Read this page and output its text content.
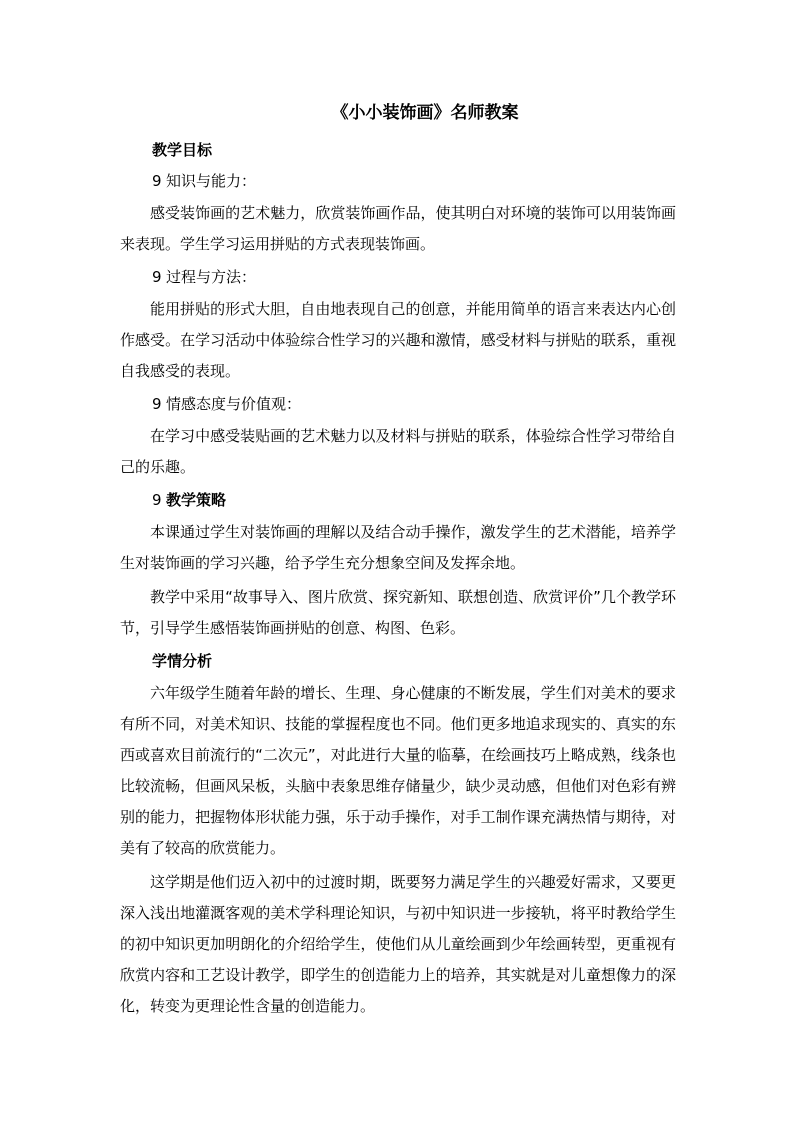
《小小装饰画》名师教案
教学目标
9 知识与能力：

感受装饰画的艺术魅力，欣赏装饰画作品，使其明白对环境的装饰可以用装饰画来表现。学生学习运用拼贴的方式表现装饰画。

9 过程与方法：

能用拼贴的形式大胆，自由地表现自己的创意，并能用简单的语言来表达内心创作感受。在学习活动中体验综合性学习的兴趣和激情，感受材料与拼贴的联系，重视自我感受的表现。

9 情感态度与价值观：

在学习中感受装贴画的艺术魅力以及材料与拼贴的联系，体验综合性学习带给自己的乐趣。

9 教学策略

本课通过学生对装饰画的理解以及结合动手操作，激发学生的艺术潜能，培养学生对装饰画的学习兴趣，给予学生充分想象空间及发挥余地。

教学中采用“故事导入、图片欣赏、探究新知、联想创造、欣赏评价”几个教学环节，引导学生感悟装饰画拼贴的创意、构图、色彩。

学情分析

六年级学生随着年龄的增长、生理、身心健康的不断发展，学生们对美术的要求有所不同，对美术知识、技能的掌握程度也不同。他们更多地追求现实的、真实的东西或喜欢目前流行的“二次元”，对此进行大量的临摹，在绘画技巧上略成熟，线条也比较流畅，但画风呆板，头脑中表象思维存储量少，缺少灵动感，但他们对色彩有辨别的能力，把握物体形状能力强，乐于动手操作，对手工制作课充满热情与期待，对美有了较高的欣赏能力。

这学期是他们迈入初中的过渡时期，既要努力满足学生的兴趣爱好需求，又要更深入浅出地灌溉客观的美术学科理论知识，与初中知识进一步接轨，将平时教给学生的初中知识更加明朗化的介绍给学生，使他们从儿童绘画到少年绘画转型，更重视有欣赏内容和工艺设计教学，即学生的创造能力上的培养，其实就是对儿童想像力的深化，转变为更理论性含量的创造能力。
